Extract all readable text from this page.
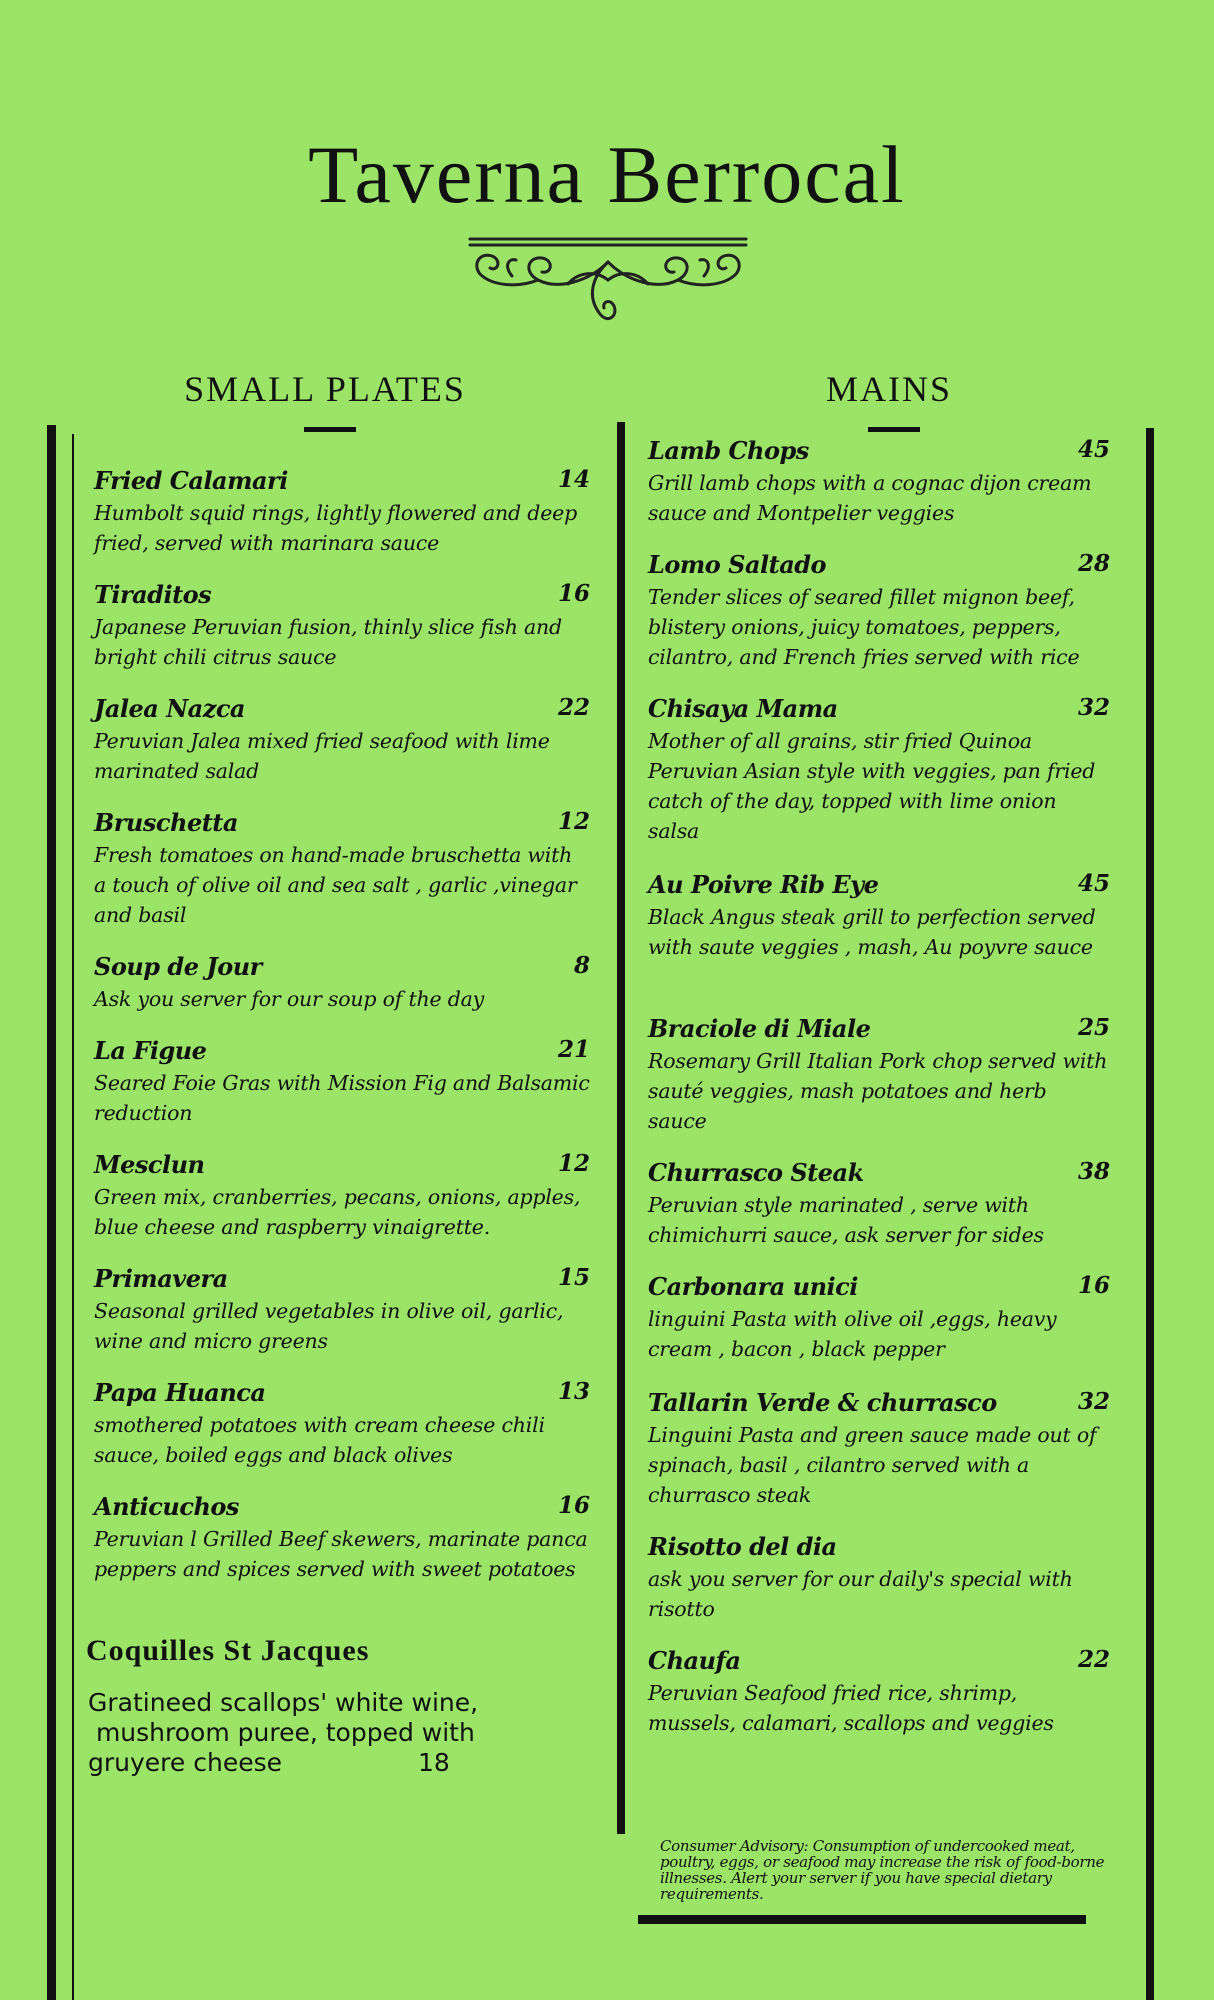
Taverna Berrocal
SMALL PLATES	MAINS
Fried Calamari	14
Humbolt squid rings, lightly flowered and deep fried, served with marinara sauce
Tiraditos	16
Japanese Peruvian fusion, thinly slice fish and bright chili citrus sauce
Jalea Nazca	22
Peruvian Jalea mixed fried seafood with lime marinated salad
Bruschetta	12
Fresh tomatoes on hand-made bruschetta with a touch of olive oil and sea salt , garlic ,vinegar and basil
Soup de Jour	8
Ask you server for our soup of the day
La Figue	21
Seared Foie Gras with Mission Fig and Balsamic reduction
Mesclun	12
Green mix, cranberries, pecans, onions, apples, blue cheese and raspberry vinaigrette.
Primavera	15
Seasonal grilled vegetables in olive oil, garlic, wine and micro greens
Papa Huanca	13
smothered potatoes with cream cheese chili sauce, boiled eggs and black olives
Anticuchos	16
Peruvian l Grilled Beef skewers, marinate panca peppers and spices served with sweet potatoes
Coquilles St Jacques
Gratineed scallops' white wine,
mushroom puree, topped with
gruyere cheese	18
Lamb Chops	45
Grill lamb chops with a cognac dijon cream sauce and Montpelier veggies
Lomo Saltado	28
Tender slices of seared fillet mignon beef, blistery onions, juicy tomatoes, peppers, cilantro, and French fries served with rice
Chisaya Mama	32
Mother of all grains, stir fried Quinoa Peruvian Asian style with veggies, pan fried catch of the day, topped with lime onion salsa
Au Poivre Rib Eye	45
Black Angus steak grill to perfection served with saute veggies , mash, Au poyvre sauce
Braciole di Miale	25
Rosemary Grill Italian Pork chop served with sauté veggies, mash potatoes and herb sauce
Churrasco Steak	38
Peruvian style marinated , serve with chimichurri sauce, ask server for sides
Carbonara unici	16
linguini Pasta with olive oil ,eggs, heavy cream , bacon , black pepper
Tallarin Verde & churrasco	32
Linguini Pasta and green sauce made out of spinach, basil , cilantro served with a churrasco steak
Risotto del dia
ask you server for our daily's special with risotto
Chaufa	22
Peruvian Seafood fried rice, shrimp, mussels, calamari, scallops and veggies
Consumer Advisory: Consumption of undercooked meat, poultry, eggs, or seafood may increase the risk of food-borne illnesses. Alert your server if you have special dietary requirements.
